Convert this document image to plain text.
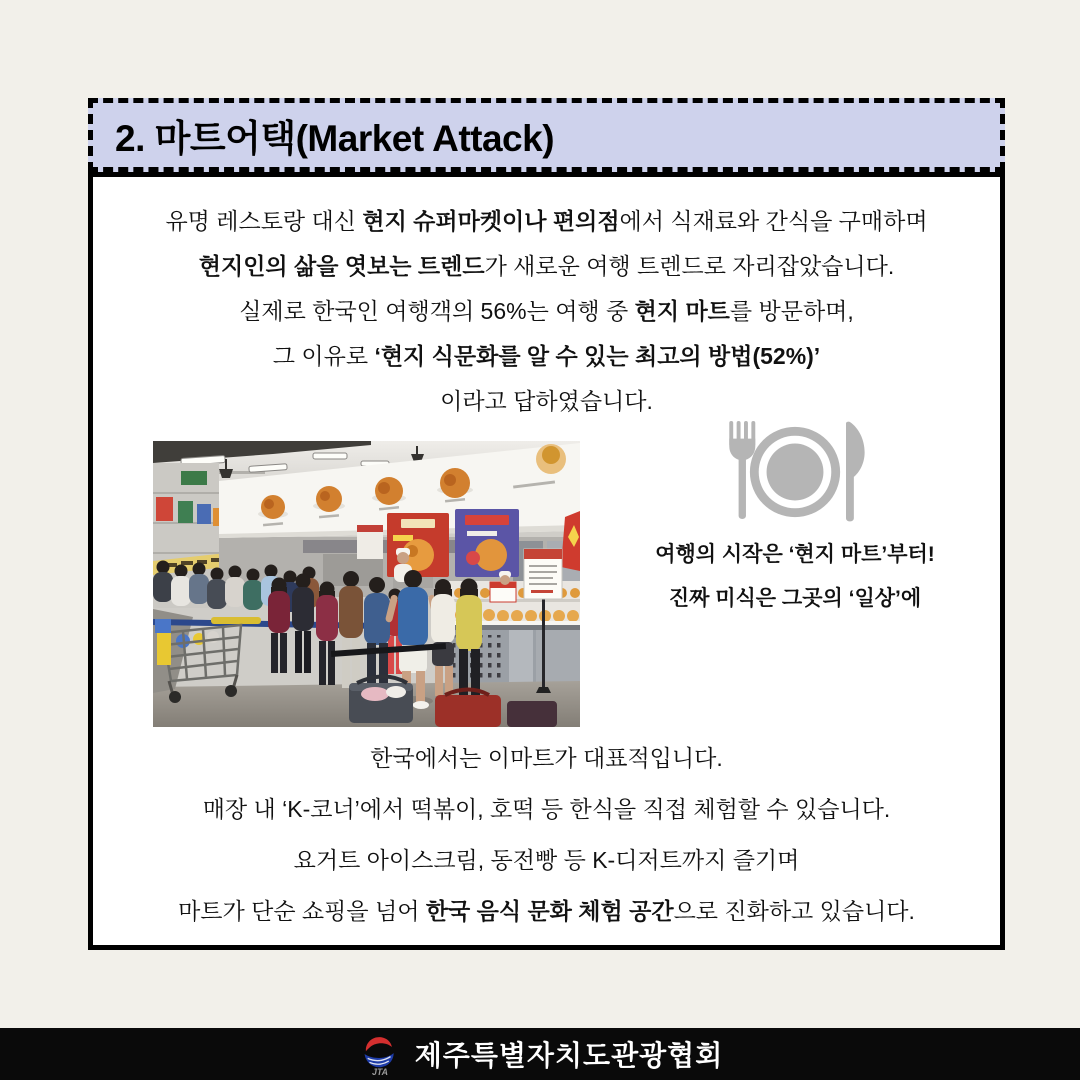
2. 마트어택(Market Attack)

유명 레스토랑 대신 현지 슈퍼마켓이나 편의점에서 식재료와 간식을 구매하며

현지인의 삶을 엿보는 트렌드가 새로운 여행 트렌드로 자리잡았습니다.

실제로 한국인 여행객의 56%는 여행 중 현지 마트를 방문하며,

그 이유로 ‘현지 식문화를 알 수 있는 최고의 방법(52%)’

이라고 답하였습니다.

여행의 시작은 ‘현지 마트’부터!

진짜 미식은 그곳의 ‘일상’에

한국에서는 이마트가 대표적입니다.

매장 내 ‘K-코너’에서 떡볶이, 호떡 등 한식을 직접 체험할 수 있습니다.

요거트 아이스크림, 동전빵 등 K-디저트까지 즐기며

마트가 단순 쇼핑을 넘어 한국 음식 문화 체험 공간으로 진화하고 있습니다.

JTA
제주특별자치도관광협회
